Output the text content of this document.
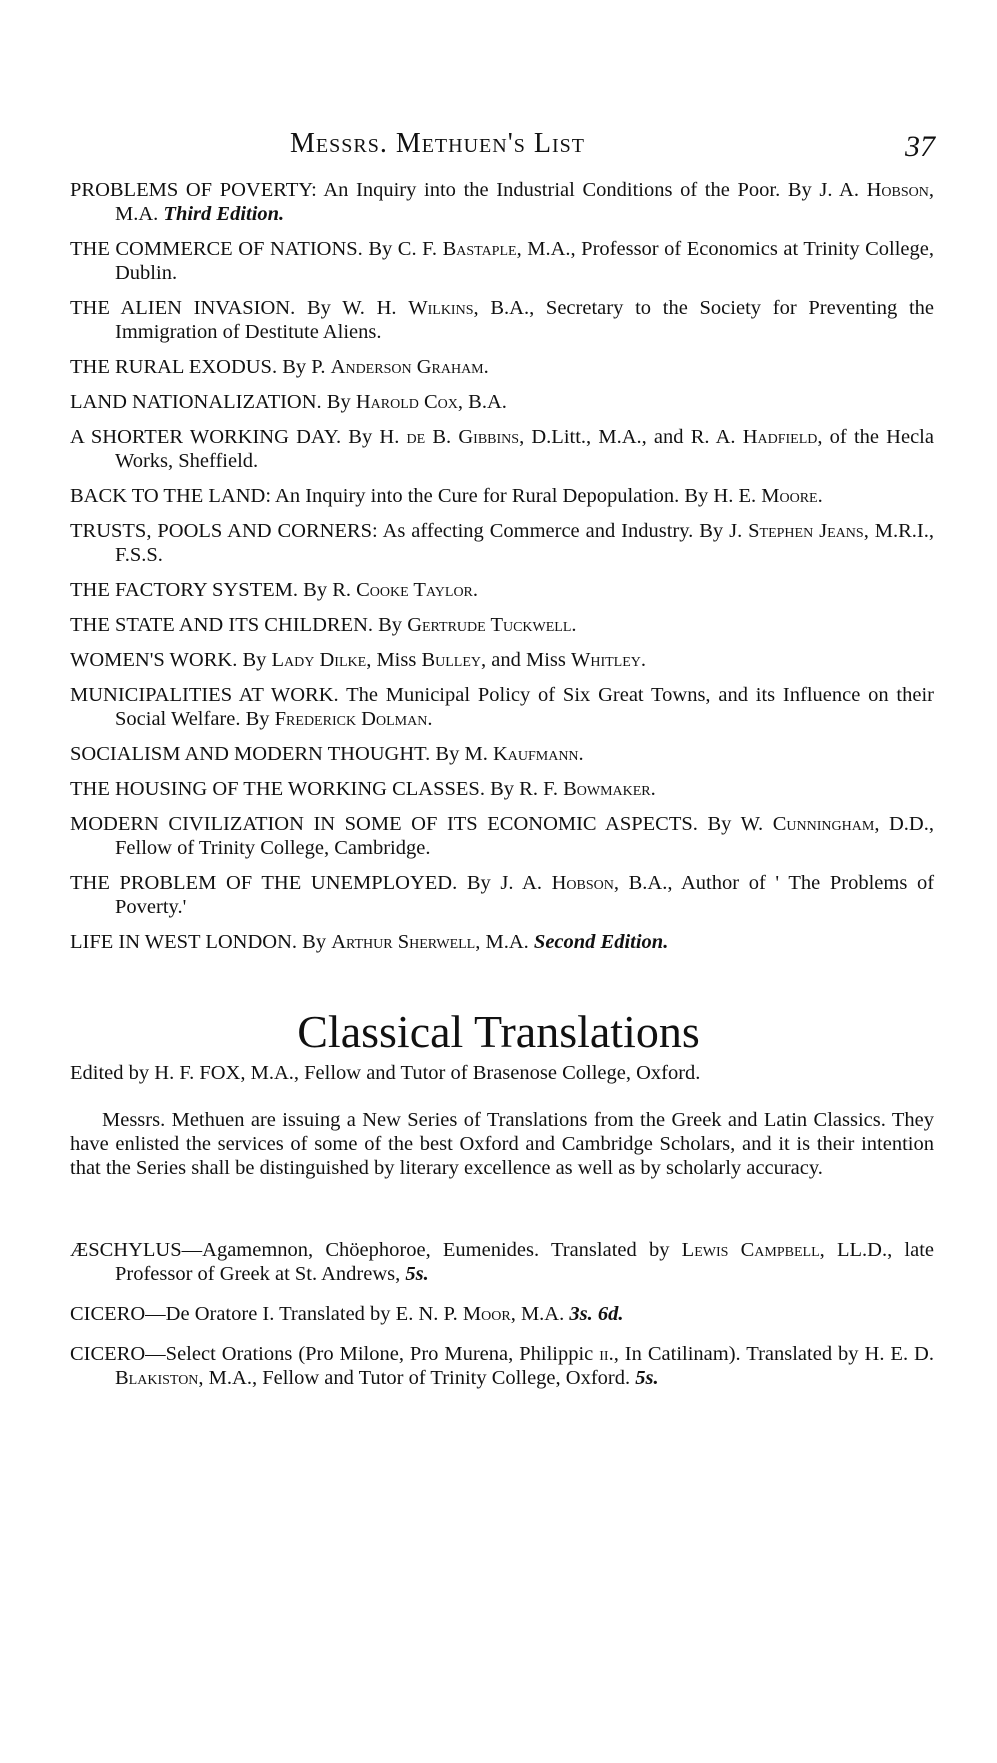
Messrs. Methuen's List	37
PROBLEMS OF POVERTY: An Inquiry into the Industrial Conditions of the Poor. By J. A. Hobson, M.A. Third Edition.
THE COMMERCE OF NATIONS. By C. F. Bastaple, M.A., Professor of Economics at Trinity College, Dublin.
THE ALIEN INVASION. By W. H. Wilkins, B.A., Secretary to the Society for Preventing the Immigration of Destitute Aliens.
THE RURAL EXODUS. By P. Anderson Graham.
LAND NATIONALIZATION. By Harold Cox, B.A.
A SHORTER WORKING DAY. By H. de B. Gibbins, D.Litt., M.A., and R. A. Hadfield, of the Hecla Works, Sheffield.
BACK TO THE LAND: An Inquiry into the Cure for Rural Depopulation. By H. E. Moore.
TRUSTS, POOLS AND CORNERS: As affecting Commerce and Industry. By J. Stephen Jeans, M.R.I., F.S.S.
THE FACTORY SYSTEM. By R. Cooke Taylor.
THE STATE AND ITS CHILDREN. By Gertrude Tuckwell.
WOMEN'S WORK. By Lady Dilke, Miss Bulley, and Miss Whitley.
MUNICIPALITIES AT WORK. The Municipal Policy of Six Great Towns, and its Influence on their Social Welfare. By Frederick Dolman.
SOCIALISM AND MODERN THOUGHT. By M. Kaufmann.
THE HOUSING OF THE WORKING CLASSES. By R. F. Bowmaker.
MODERN CIVILIZATION IN SOME OF ITS ECONOMIC ASPECTS. By W. Cunningham, D.D., Fellow of Trinity College, Cambridge.
THE PROBLEM OF THE UNEMPLOYED. By J. A. Hobson, B.A., Author of ' The Problems of Poverty.'
LIFE IN WEST LONDON. By Arthur Sherwell, M.A. Second Edition.
Classical Translations
Edited by H. F. FOX, M.A., Fellow and Tutor of Brasenose College, Oxford.
Messrs. Methuen are issuing a New Series of Translations from the Greek and Latin Classics. They have enlisted the services of some of the best Oxford and Cambridge Scholars, and it is their intention that the Series shall be distinguished by literary excellence as well as by scholarly accuracy.
ÆSCHYLUS—Agamemnon, Chöephoroe, Eumenides. Translated by Lewis Campbell, LL.D., late Professor of Greek at St. Andrews, 5s.
CICERO—De Oratore I. Translated by E. N. P. Moor, M.A. 3s. 6d.
CICERO—Select Orations (Pro Milone, Pro Murena, Philippic ii., In Catilinam). Translated by H. E. D. Blakiston, M.A., Fellow and Tutor of Trinity College, Oxford. 5s.
